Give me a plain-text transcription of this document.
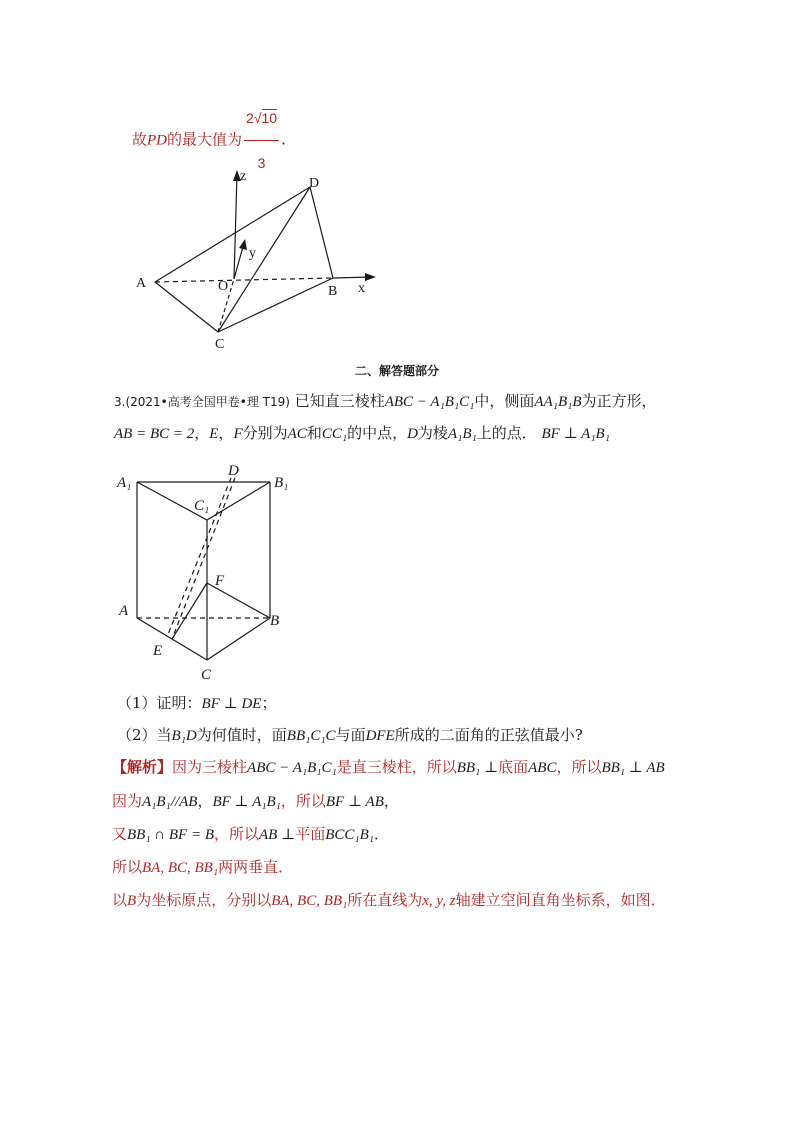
故PD的最大值为 $\frac{2√10}{3}$ .
z	D
y
A	O	B x
C
二、解答题部分
3.(2021•高考全国甲卷•理 T19) 已知直三棱柱ABC − A₁B₁C₁中，侧面AA₁B₁B为正方形，
AB = BC = 2，E，F分别为AC和CC₁的中点，D为棱A₁B₁上的点． BF ⊥ A₁B₁
A₁
D
B₁
C₁
F
A
B
E
C
（1）证明：BF ⊥ DE；
（2）当B₁D为何值时，面BB₁C₁C与面DFE所成的二面角的正弦值最小?
【解析】因为三棱柱ABC − A₁B₁C₁是直三棱柱，所以BB₁ ⊥底面ABC，所以BB₁ ⊥ AB
因为A₁B₁//AB，BF ⊥ A₁B₁，所以BF ⊥ AB，
又BB₁ ∩ BF = B，所以AB ⊥平面BCC₁B₁．
所以BA, BC, BB₁两两垂直．
以B为坐标原点，分别以BA, BC, BB₁所在直线为x, y, z轴建立空间直角坐标系，如图．
